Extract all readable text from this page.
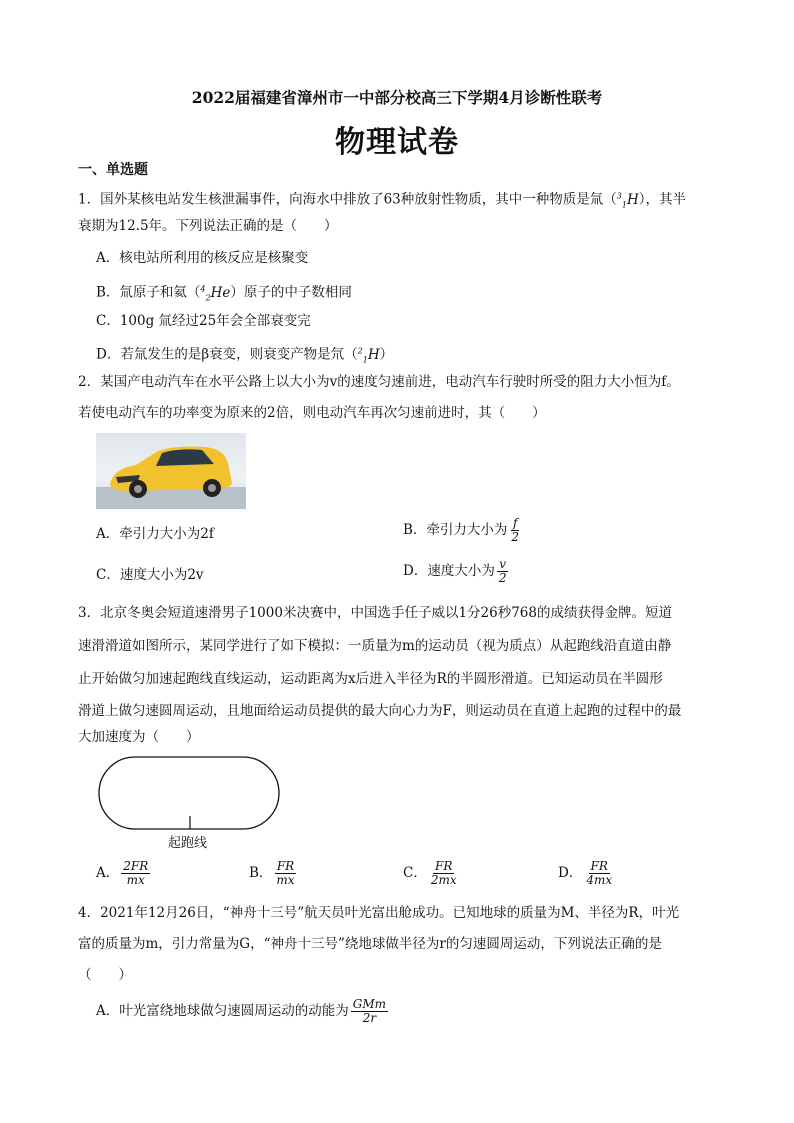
2022届福建省漳州市一中部分校高三下学期4月诊断性联考
物理试卷
一、单选题
1．国外某核电站发生核泄漏事件，向海水中排放了63种放射性物质，其中一种物质是氚（$^3_1$H），其半
衰期为12.5年。下列说法正确的是（　　）
A．核电站所利用的核反应是核聚变
B．氚原子和氦（$^4_2$He）原子的中子数相同
C．100g 氚经过25年会全部衰变完
D．若氚发生的是β衰变，则衰变产物是氘（$^2_1$H）
2．某国产电动汽车在水平公路上以大小为v的速度匀速前进，电动汽车行驶时所受的阻力大小恒为f。
若使电动汽车的功率变为原来的2倍，则电动汽车再次匀速前进时，其（　　）
A．牵引力大小为2f	B．牵引力大小为 $\frac{f}{2}$
C．速度大小为2v	D．速度大小为 $\frac{v}{2}$
3．北京冬奥会短道速滑男子1000米决赛中，中国选手任子威以1分26秒768的成绩获得金牌。短道
速滑滑道如图所示，某同学进行了如下模拟：一质量为m的运动员（视为质点）从起跑线沿直道由静
止开始做匀加速起跑线直线运动，运动距离为x后进入半径为R的半圆形滑道。已知运动员在半圆形
滑道上做匀速圆周运动，且地面给运动员提供的最大向心力为F，则运动员在直道上起跑的过程中的最
大加速度为（　　）
起跑线
A． $\frac{2FR}{mx}$	B． $\frac{FR}{mx}$	C． $\frac{FR}{2mx}$	D． $\frac{FR}{4mx}$
4．2021年12月26日，“神舟十三号”航天员叶光富出舱成功。已知地球的质量为M、半径为R，叶光
富的质量为m，引力常量为G，“神舟十三号”绕地球做半径为r的匀速圆周运动，下列说法正确的是
（　　）
A．叶光富绕地球做匀速圆周运动的动能为 $\frac{\text{GMm}}{2r}$
